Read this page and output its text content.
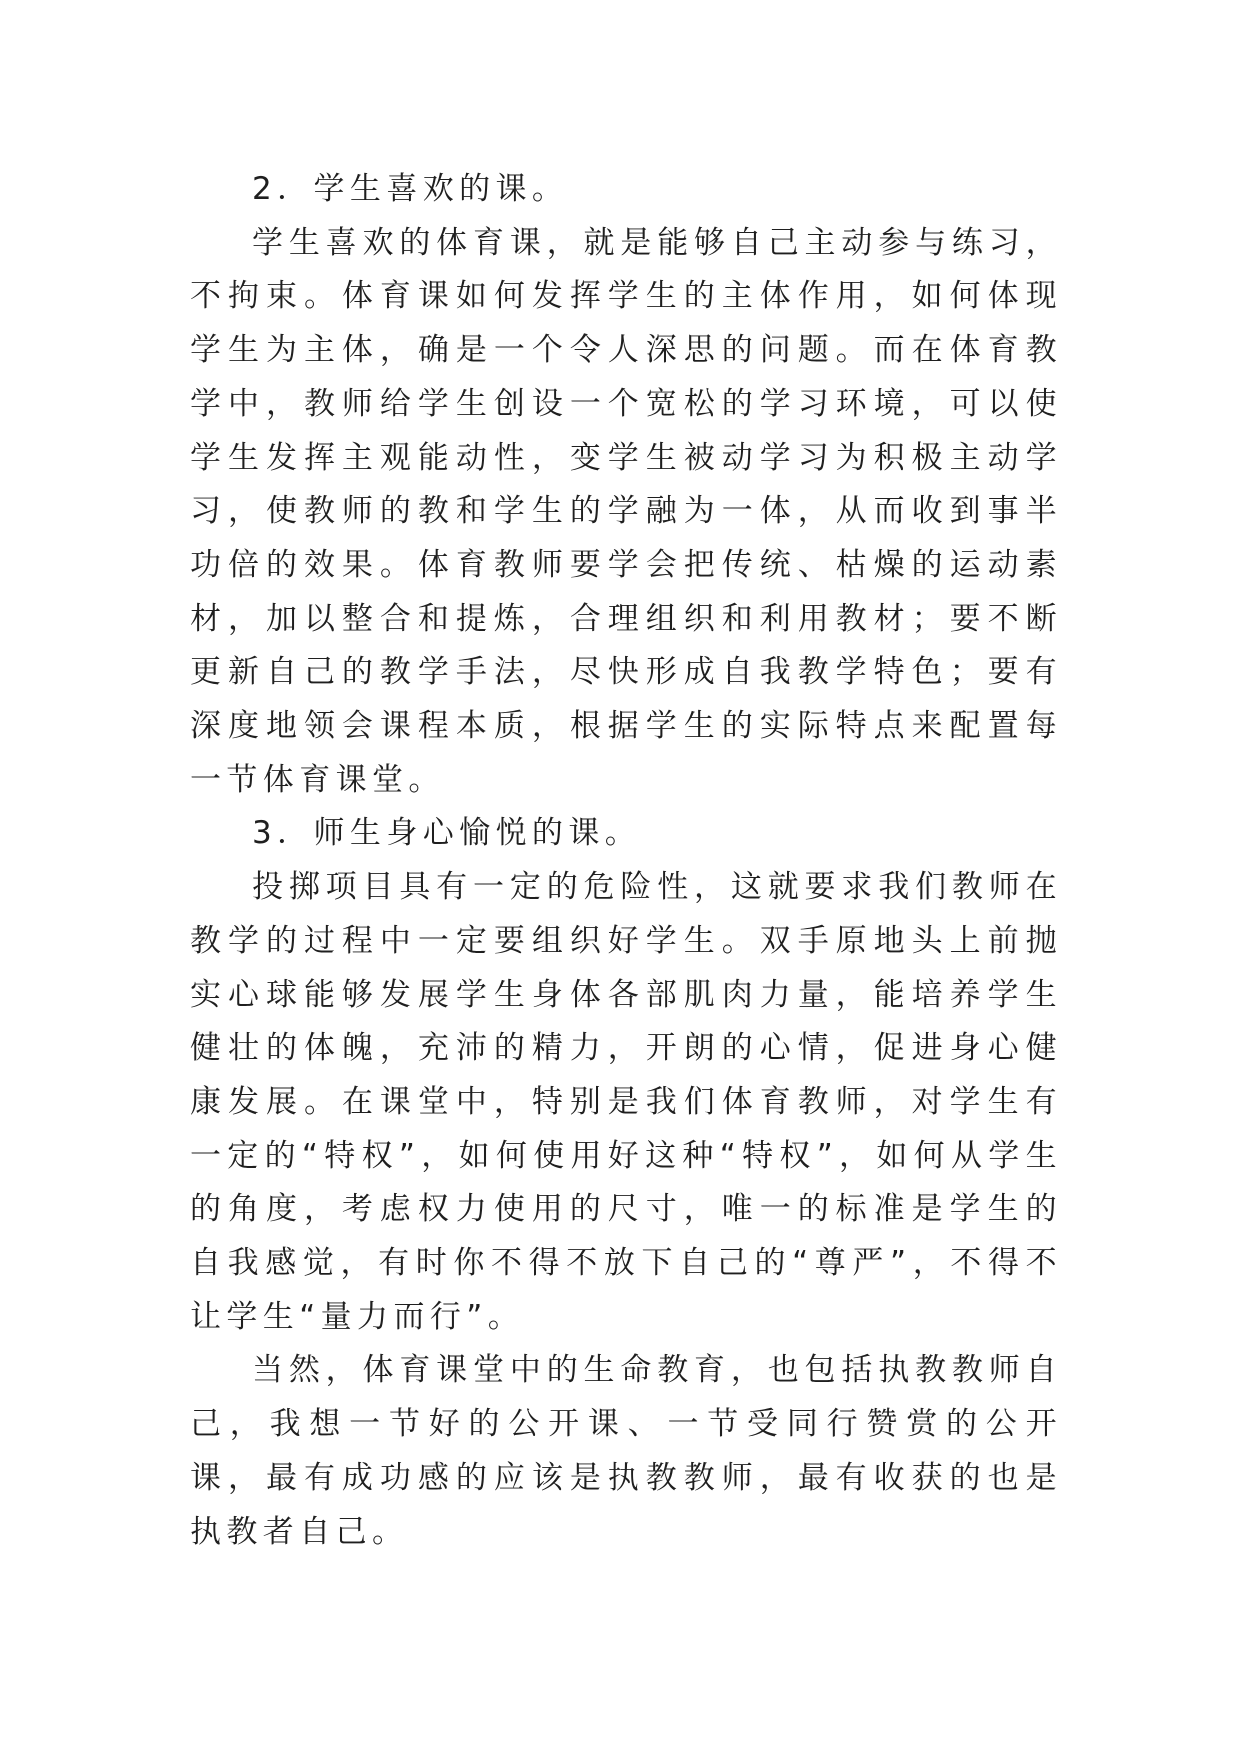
2．学生喜欢的课。

学生喜欢的体育课，就是能够自己主动参与练习，不拘束。体育课如何发挥学生的主体作用，如何体现学生为主体，确是一个令人深思的问题。而在体育教学中，教师给学生创设一个宽松的学习环境，可以使学生发挥主观能动性，变学生被动学习为积极主动学习，使教师的教和学生的学融为一体，从而收到事半功倍的效果。体育教师要学会把传统、枯燥的运动素材，加以整合和提炼，合理组织和利用教材；要不断更新自己的教学手法，尽快形成自我教学特色；要有深度地领会课程本质，根据学生的实际特点来配置每一节体育课堂。

3．师生身心愉悦的课。

投掷项目具有一定的危险性，这就要求我们教师在教学的过程中一定要组织好学生。双手原地头上前抛实心球能够发展学生身体各部肌肉力量，能培养学生健壮的体魄，充沛的精力，开朗的心情，促进身心健康发展。在课堂中，特别是我们体育教师，对学生有一定的“特权”，如何使用好这种“特权”，如何从学生的角度，考虑权力使用的尺寸，唯一的标准是学生的自我感觉，有时你不得不放下自己的“尊严”，不得不让学生“量力而行”。

当然，体育课堂中的生命教育，也包括执教教师自己，我想一节好的公开课、一节受同行赞赏的公开课，最有成功感的应该是执教教师，最有收获的也是执教者自己。
